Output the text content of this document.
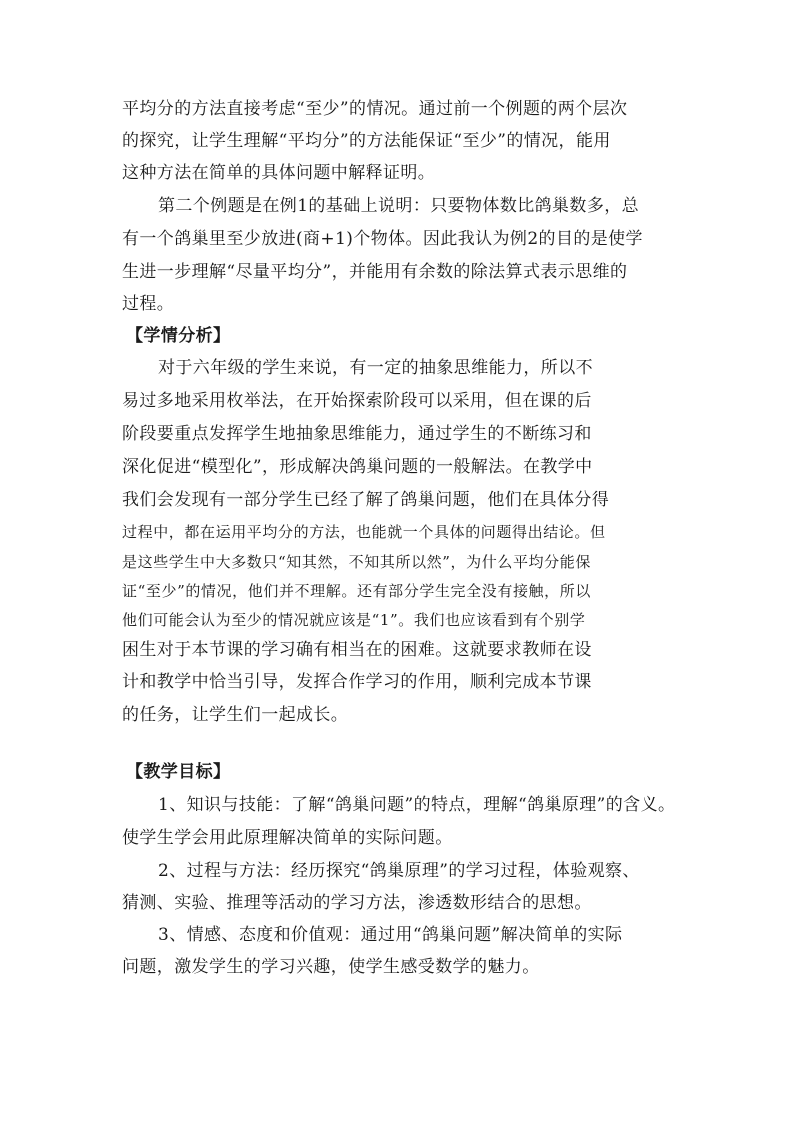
平均分的方法直接考虑“至少”的情况。通过前一个例题的两个层次
的探究，让学生理解“平均分”的方法能保证“至少”的情况，能用
这种方法在简单的具体问题中解释证明。
第二个例题是在例1的基础上说明：只要物体数比鸽巢数多，总
有一个鸽巢里至少放进(商+1)个物体。因此我认为例2的目的是使学
生进一步理解“尽量平均分”，并能用有余数的除法算式表示思维的
过程。
【学情分析】
对于六年级的学生来说，有一定的抽象思维能力，所以不
易过多地采用枚举法，在开始探索阶段可以采用，但在课的后
阶段要重点发挥学生地抽象思维能力，通过学生的不断练习和
深化促进“模型化”，形成解决鸽巢问题的一般解法。在教学中
我们会发现有一部分学生已经了解了鸽巢问题，他们在具体分得
过程中，都在运用平均分的方法，也能就一个具体的问题得出结论。但
是这些学生中大多数只“知其然，不知其所以然”，为什么平均分能保
证“至少”的情况，他们并不理解。还有部分学生完全没有接触，所以
他们可能会认为至少的情况就应该是“1”。我们也应该看到有个别学
困生对于本节课的学习确有相当在的困难。这就要求教师在设
计和教学中恰当引导，发挥合作学习的作用，顺利完成本节课
的任务，让学生们一起成长。
【教学目标】
1、知识与技能：了解“鸽巢问题”的特点，理解“鸽巢原理”的含义。
使学生学会用此原理解决简单的实际问题。
2、过程与方法：经历探究“鸽巢原理”的学习过程，体验观察、
猜测、实验、推理等活动的学习方法，渗透数形结合的思想。
3、情感、态度和价值观：通过用“鸽巢问题”解决简单的实际
问题，激发学生的学习兴趣，使学生感受数学的魅力。
